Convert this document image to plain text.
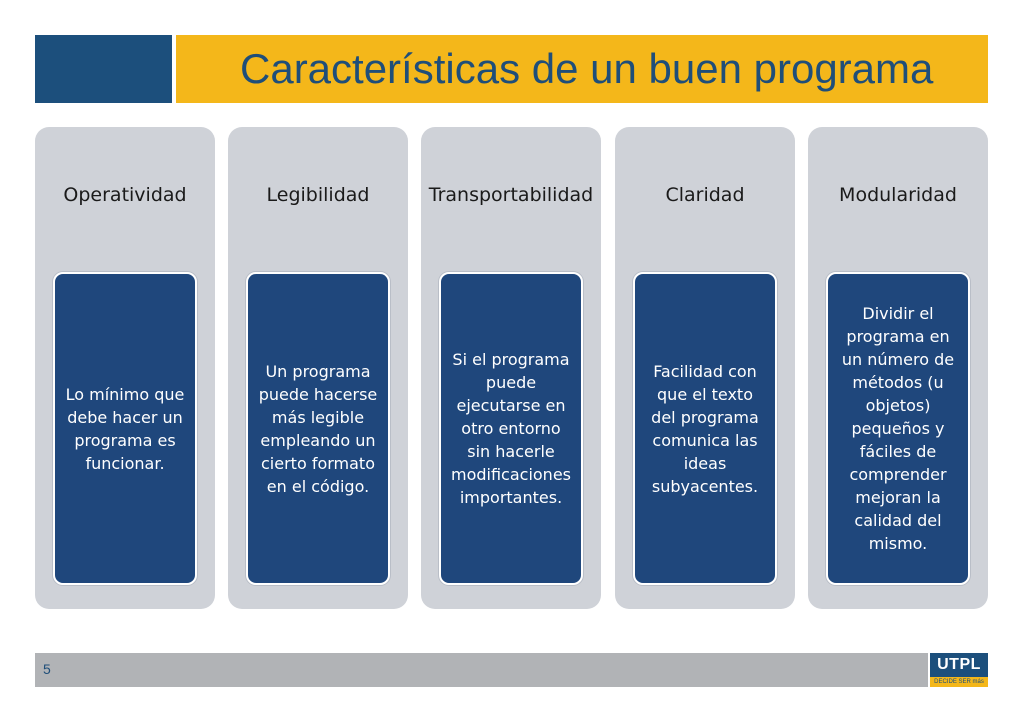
Características de un buen programa
Operatividad
Lo mínimo que debe hacer un programa es funcionar.
Legibilidad
Un programa puede hacerse más legible empleando un cierto formato en el código.
Transportabilidad
Si el programa puede ejecutarse en otro entorno sin hacerle modificaciones importantes.
Claridad
Facilidad con que el texto del programa comunica las ideas subyacentes.
Modularidad
Dividir el programa en un número de métodos (u objetos) pequeños y fáciles de comprender mejoran la calidad del mismo.
5	UTPL
DECIDE SER más
